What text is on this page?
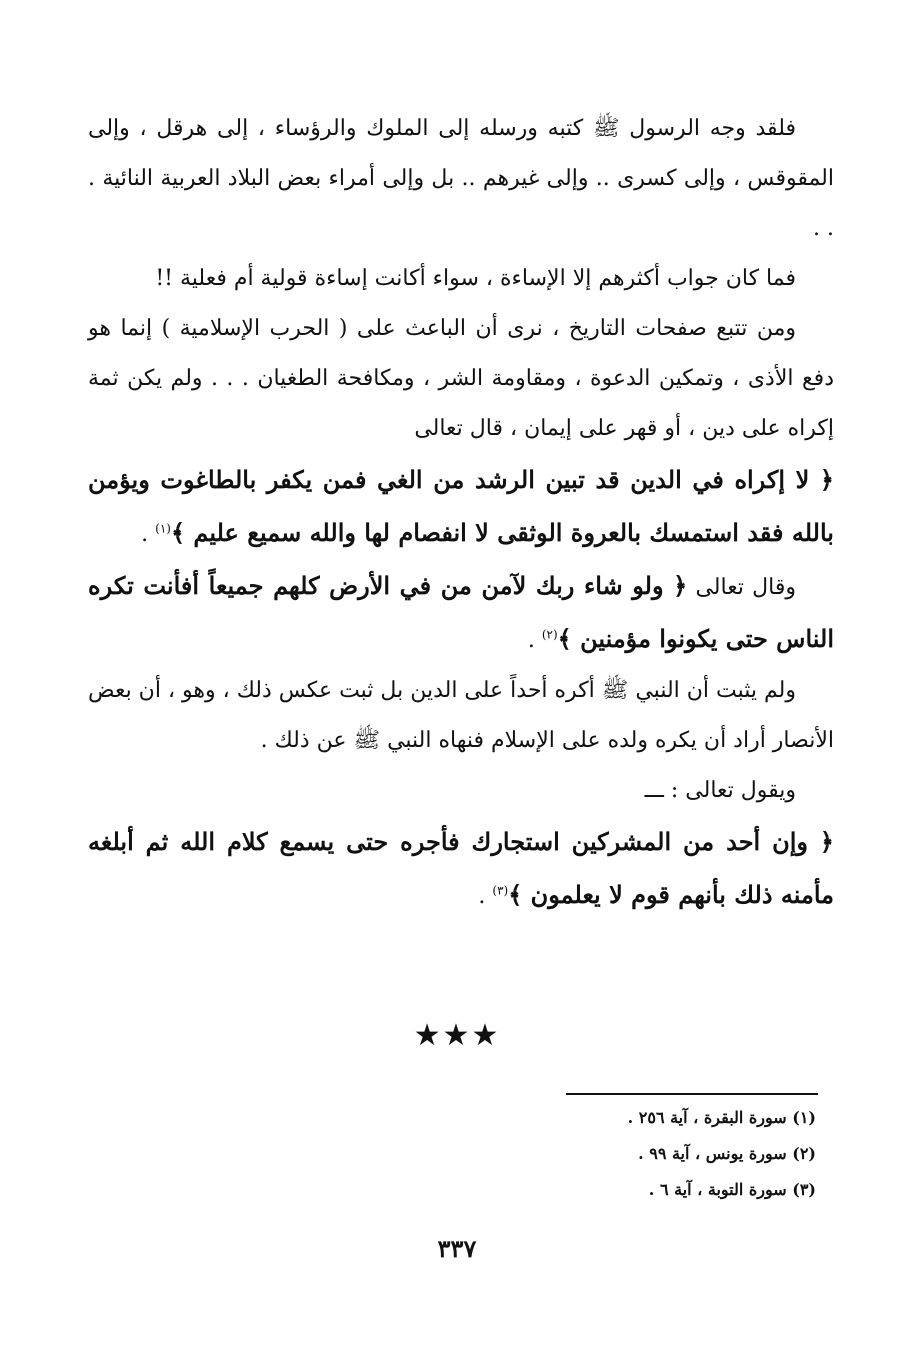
فلقد وجه الرسول ﷺ كتبه ورسله إلى الملوك والرؤساء ، إلى هرقل ، وإلى المقوقس ، وإلى كسرى .. وإلى غيرهم .. بل وإلى أمراء بعض البلاد العربية النائية . . .

فما كان جواب أكثرهم إلا الإساءة ، سواء أكانت إساءة قولية أم فعلية !!

ومن تتبع صفحات التاريخ ، نرى أن الباعث على ( الحرب الإسلامية ) إنما هو دفع الأذى ، وتمكين الدعوة ، ومقاومة الشر ، ومكافحة الطغيان . . . ولم يكن ثمة إكراه على دين ، أو قهر على إيمان ، قال تعالى

﴿ لا إكراه في الدين قد تبين الرشد من الغي فمن يكفر بالطاغوت ويؤمن بالله فقد استمسك بالعروة الوثقى لا انفصام لها والله سميع عليم ﴾$^{(١)}$ .

وقال تعالى ﴿ ولو شاء ربك لآمن من في الأرض كلهم جميعاً أفأنت تكره الناس حتى يكونوا مؤمنين ﴾$^{(٢)}$ .

ولم يثبت أن النبي ﷺ أكره أحداً على الدين بل ثبت عكس ذلك ، وهو ، أن بعض الأنصار أراد أن يكره ولده على الإسلام فنهاه النبي ﷺ عن ذلك .

ويقول تعالى : ـــ

﴿ وإن أحد من المشركين استجارك فأجره حتى يسمع كلام الله ثم أبلغه مأمنه ذلك بأنهم قوم لا يعلمون ﴾$^{(٣)}$ .

★★★

(١) سورة البقرة ، آية ٢٥٦ .

(٢) سورة يونس ، آية ٩٩ .

(٣) سورة التوبة ، آية ٦ .

٣٣٧
